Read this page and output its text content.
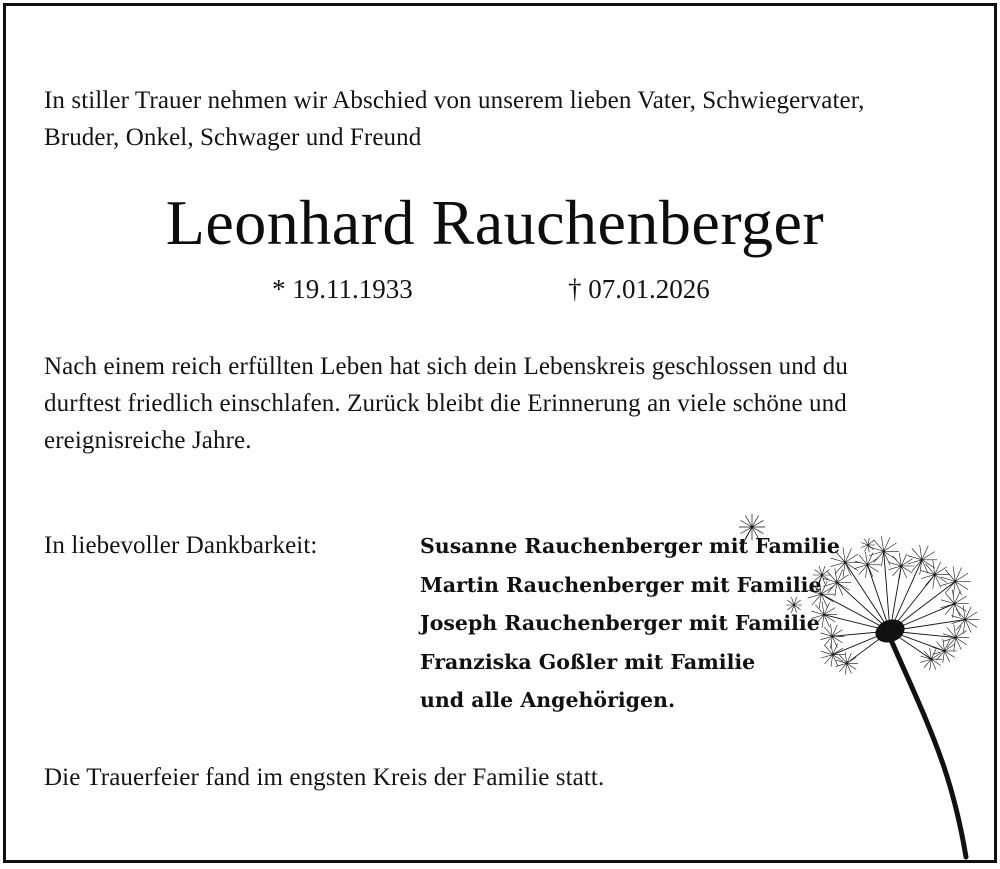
In stiller Trauer nehmen wir Abschied von unserem lieben Vater, Schwiegervater,
Bruder, Onkel, Schwager und Freund
Leonhard Rauchenberger
* 19.11.1933	† 07.01.2026
Nach einem reich erfüllten Leben hat sich dein Lebenskreis geschlossen und du
durftest friedlich einschlafen. Zurück bleibt die Erinnerung an viele schöne und
ereignisreiche Jahre.
In liebevoller Dankbarkeit:	Susanne Rauchenberger mit Familie
Martin Rauchenberger mit Familie
Joseph Rauchenberger mit Familie
Franziska Goßler mit Familie
und alle Angehörigen.
Die Trauerfeier fand im engsten Kreis der Familie statt.
